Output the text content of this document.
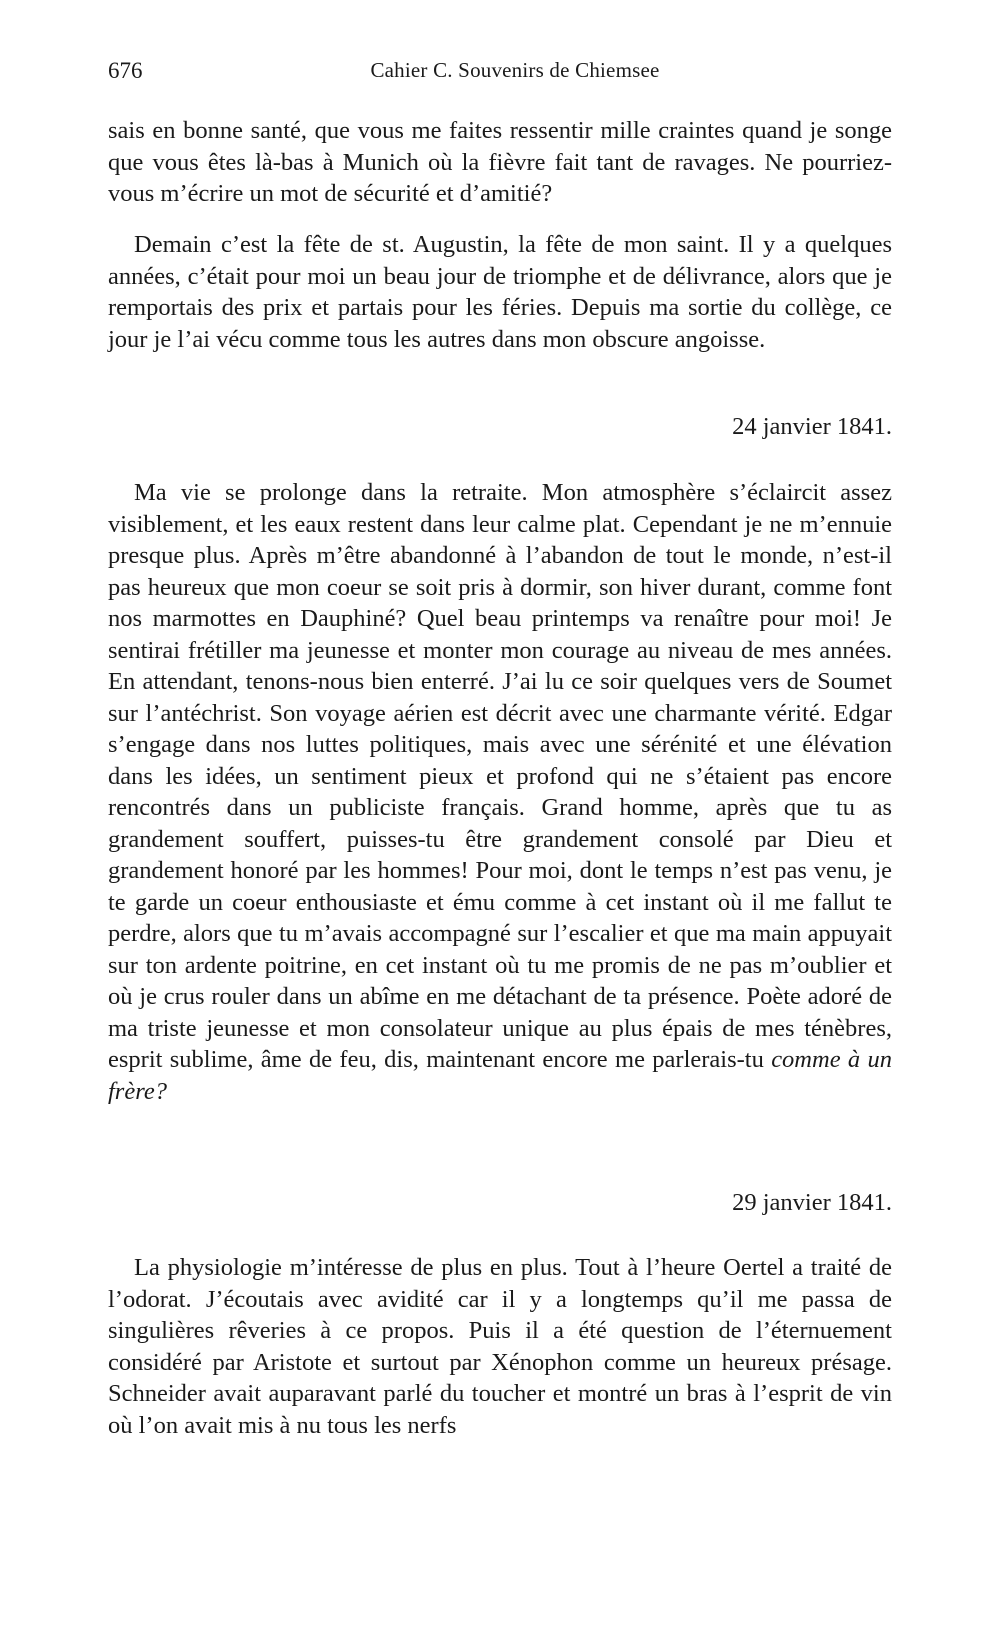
676	Cahier C. Souvenirs de Chiemsee

sais en bonne santé, que vous me faites ressentir mille craintes quand je songe que vous êtes là-bas à Munich où la fièvre fait tant de ravages. Ne pourriez-vous m’écrire un mot de sécurité et d’amitié?

Demain c’est la fête de st. Augustin, la fête de mon saint. Il y a quelques années, c’était pour moi un beau jour de triomphe et de délivrance, alors que je remportais des prix et partais pour les féries. Depuis ma sortie du collège, ce jour je l’ai vécu comme tous les autres dans mon obscure angoisse.

24 janvier 1841.

Ma vie se prolonge dans la retraite. Mon atmosphère s’éclaircit assez visiblement, et les eaux restent dans leur calme plat. Cependant je ne m’ennuie presque plus. Après m’être abandonné à l’abandon de tout le monde, n’est-il pas heureux que mon coeur se soit pris à dormir, son hiver durant, comme font nos marmottes en Dauphiné? Quel beau printemps va renaître pour moi! Je sentirai frétiller ma jeunesse et monter mon courage au niveau de mes années. En attendant, tenons-nous bien enterré. J’ai lu ce soir quelques vers de Soumet sur l’antéchrist. Son voyage aérien est décrit avec une charmante vérité. Edgar s’engage dans nos luttes politiques, mais avec une sérénité et une élévation dans les idées, un sentiment pieux et profond qui ne s’étaient pas encore rencontrés dans un publiciste français. Grand homme, après que tu as grandement souffert, puisses-tu être grandement consolé par Dieu et grandement honoré par les hommes! Pour moi, dont le temps n’est pas venu, je te garde un coeur enthousiaste et ému comme à cet instant où il me fallut te perdre, alors que tu m’avais accompagné sur l’escalier et que ma main appuyait sur ton ardente poitrine, en cet instant où tu me promis de ne pas m’oublier et où je crus rouler dans un abîme en me détachant de ta présence. Poète adoré de ma triste jeunesse et mon consolateur unique au plus épais de mes ténèbres, esprit sublime, âme de feu, dis, maintenant encore me parlerais-tu comme à un frère?

29 janvier 1841.

La physiologie m’intéresse de plus en plus. Tout à l’heure Oertel a traité de l’odorat. J’écoutais avec avidité car il y a longtemps qu’il me passa de singulières rêveries à ce propos. Puis il a été question de l’éternuement considéré par Aristote et surtout par Xénophon comme un heureux présage. Schneider avait auparavant parlé du toucher et montré un bras à l’esprit de vin où l’on avait mis à nu tous les nerfs
